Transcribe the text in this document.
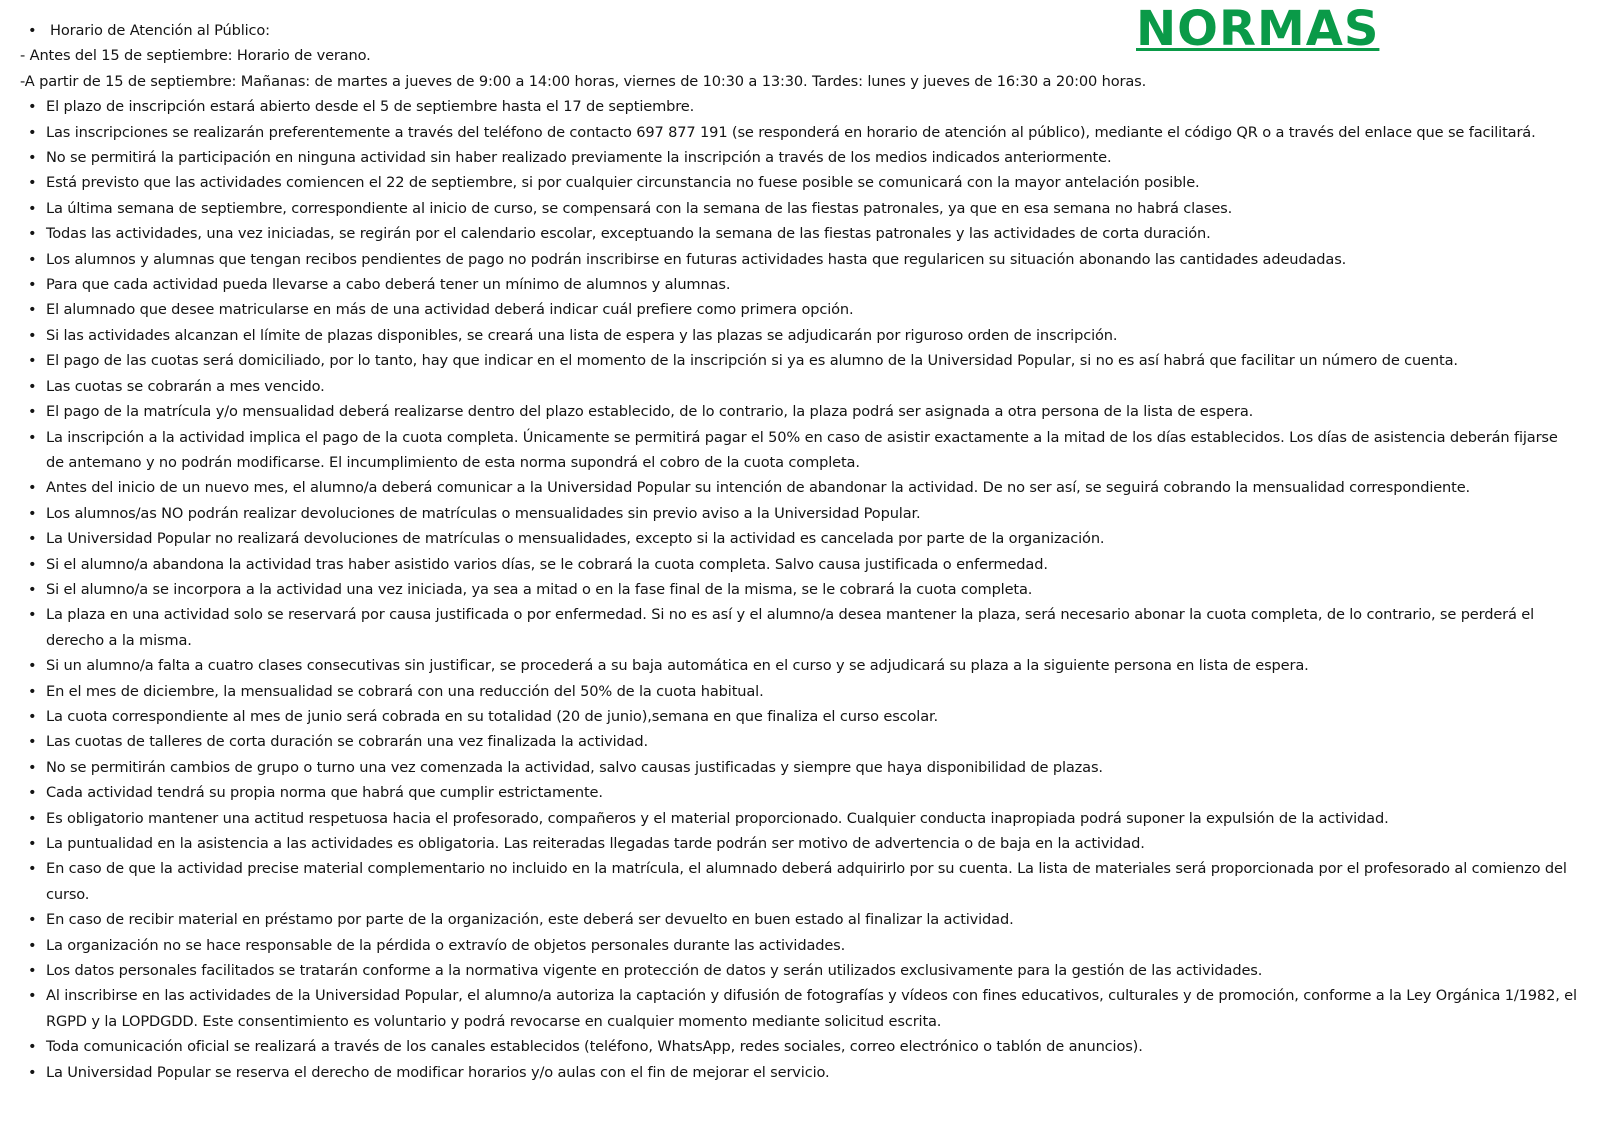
NORMAS
• Horario de Atención al Público:

- Antes del 15 de septiembre: Horario de verano.

-A partir de 15 de septiembre: Mañanas: de martes a jueves de 9:00 a 14:00 horas, viernes de 10:30 a 13:30. Tardes: lunes y jueves de 16:30 a 20:00 horas.

• El plazo de inscripción estará abierto desde el 5 de septiembre hasta el 17 de septiembre.
• Las inscripciones se realizarán preferentemente a través del teléfono de contacto 697 877 191 (se responderá en horario de atención al público), mediante el código QR o a través del enlace que se facilitará.
• No se permitirá la participación en ninguna actividad sin haber realizado previamente la inscripción a través de los medios indicados anteriormente.
• Está previsto que las actividades comiencen el 22 de septiembre, si por cualquier circunstancia no fuese posible se comunicará con la mayor antelación posible.
• La última semana de septiembre, correspondiente al inicio de curso, se compensará con la semana de las fiestas patronales, ya que en esa semana no habrá clases.
• Todas las actividades, una vez iniciadas, se regirán por el calendario escolar, exceptuando la semana de las fiestas patronales y las actividades de corta duración.
• Los alumnos y alumnas que tengan recibos pendientes de pago no podrán inscribirse en futuras actividades hasta que regularicen su situación abonando las cantidades adeudadas.
• Para que cada actividad pueda llevarse a cabo deberá tener un mínimo de alumnos y alumnas.
• El alumnado que desee matricularse en más de una actividad deberá indicar cuál prefiere como primera opción.
• Si las actividades alcanzan el límite de plazas disponibles, se creará una lista de espera y las plazas se adjudicarán por riguroso orden de inscripción.
• El pago de las cuotas será domiciliado, por lo tanto, hay que indicar en el momento de la inscripción si ya es alumno de la Universidad Popular, si no es así habrá que facilitar un número de cuenta.
• Las cuotas se cobrarán a mes vencido.
• El pago de la matrícula y/o mensualidad deberá realizarse dentro del plazo establecido, de lo contrario, la plaza podrá ser asignada a otra persona de la lista de espera.
• La inscripción a la actividad implica el pago de la cuota completa. Únicamente se permitirá pagar el 50% en caso de asistir exactamente a la mitad de los días establecidos. Los días de asistencia deberán fijarse de antemano y no podrán modificarse. El incumplimiento de esta norma supondrá el cobro de la cuota completa.
• Antes del inicio de un nuevo mes, el alumno/a deberá comunicar a la Universidad Popular su intención de abandonar la actividad. De no ser así, se seguirá cobrando la mensualidad correspondiente.
• Los alumnos/as NO podrán realizar devoluciones de matrículas o mensualidades sin previo aviso a la Universidad Popular.
• La Universidad Popular no realizará devoluciones de matrículas o mensualidades, excepto si la actividad es cancelada por parte de la organización.
• Si el alumno/a abandona la actividad tras haber asistido varios días, se le cobrará la cuota completa. Salvo causa justificada o enfermedad.
• Si el alumno/a se incorpora a la actividad una vez iniciada, ya sea a mitad o en la fase final de la misma, se le cobrará la cuota completa.
• La plaza en una actividad solo se reservará por causa justificada o por enfermedad. Si no es así y el alumno/a desea mantener la plaza, será necesario abonar la cuota completa, de lo contrario, se perderá el derecho a la misma.
• Si un alumno/a falta a cuatro clases consecutivas sin justificar, se procederá a su baja automática en el curso y se adjudicará su plaza a la siguiente persona en lista de espera.
• En el mes de diciembre, la mensualidad se cobrará con una reducción del 50% de la cuota habitual.
• La cuota correspondiente al mes de junio será cobrada en su totalidad (20 de junio),semana en que finaliza el curso escolar.
• Las cuotas de talleres de corta duración se cobrarán una vez finalizada la actividad.
• No se permitirán cambios de grupo o turno una vez comenzada la actividad, salvo causas justificadas y siempre que haya disponibilidad de plazas.
• Cada actividad tendrá su propia norma que habrá que cumplir estrictamente.
• Es obligatorio mantener una actitud respetuosa hacia el profesorado, compañeros y el material proporcionado. Cualquier conducta inapropiada podrá suponer la expulsión de la actividad.
• La puntualidad en la asistencia a las actividades es obligatoria. Las reiteradas llegadas tarde podrán ser motivo de advertencia o de baja en la actividad.
• En caso de que la actividad precise material complementario no incluido en la matrícula, el alumnado deberá adquirirlo por su cuenta. La lista de materiales será proporcionada por el profesorado al comienzo del curso.
• En caso de recibir material en préstamo por parte de la organización, este deberá ser devuelto en buen estado al finalizar la actividad.
• La organización no se hace responsable de la pérdida o extravío de objetos personales durante las actividades.
• Los datos personales facilitados se tratarán conforme a la normativa vigente en protección de datos y serán utilizados exclusivamente para la gestión de las actividades.
• Al inscribirse en las actividades de la Universidad Popular, el alumno/a autoriza la captación y difusión de fotografías y vídeos con fines educativos, culturales y de promoción, conforme a la Ley Orgánica 1/1982, el RGPD y la LOPDGDD. Este consentimiento es voluntario y podrá revocarse en cualquier momento mediante solicitud escrita.
• Toda comunicación oficial se realizará a través de los canales establecidos (teléfono, WhatsApp, redes sociales, correo electrónico o tablón de anuncios).
• La Universidad Popular se reserva el derecho de modificar horarios y/o aulas con el fin de mejorar el servicio.
